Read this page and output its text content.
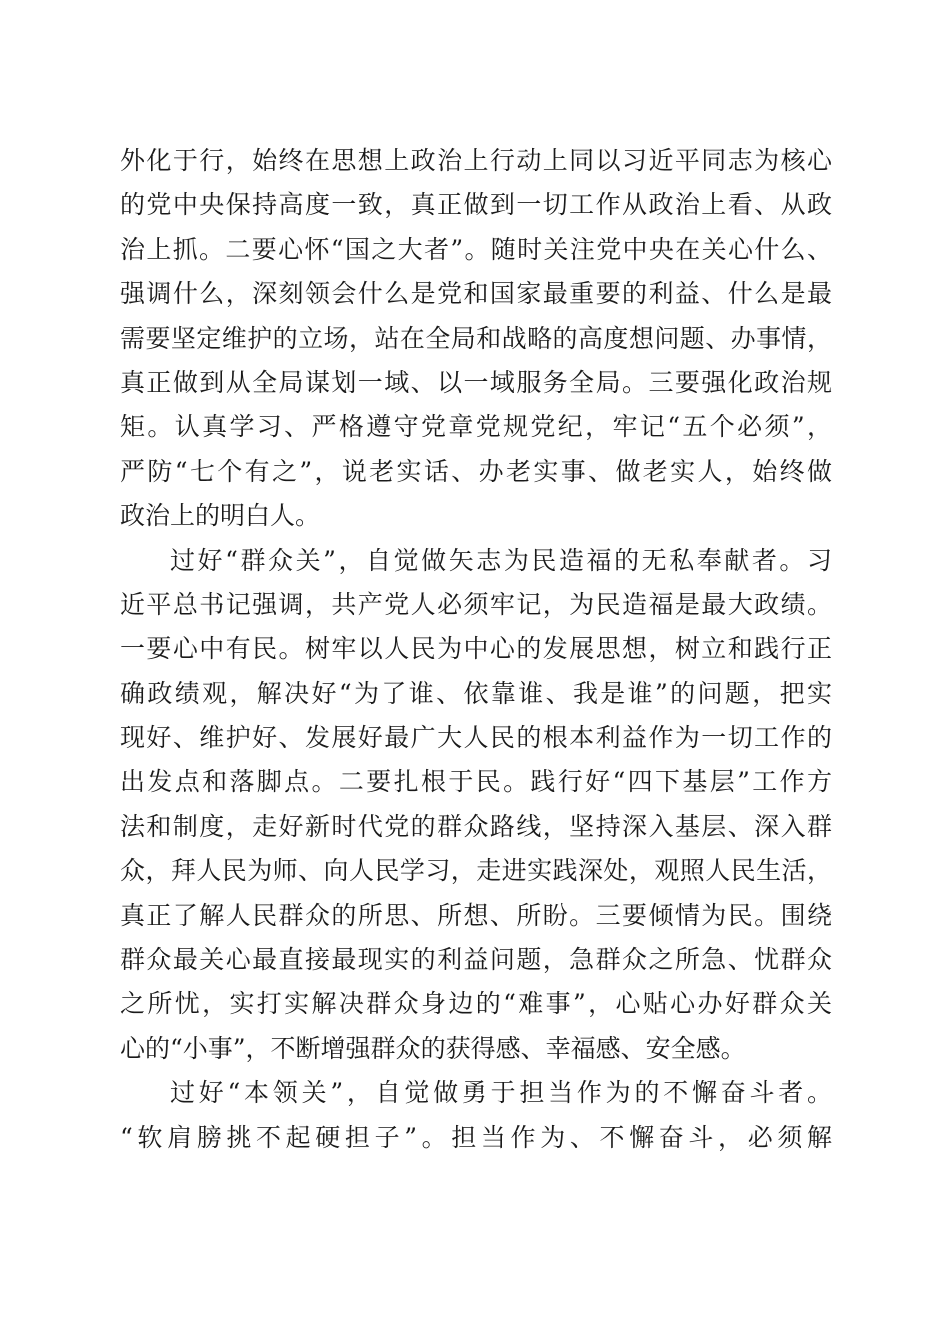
外化于行，始终在思想上政治上行动上同以习近平同志为核心
的党中央保持高度一致，真正做到一切工作从政治上看、从政
治上抓。二要心怀“国之大者”。随时关注党中央在关心什么、
强调什么，深刻领会什么是党和国家最重要的利益、什么是最
需要坚定维护的立场，站在全局和战略的高度想问题、办事情，
真正做到从全局谋划一域、以一域服务全局。三要强化政治规
矩。认真学习、严格遵守党章党规党纪，牢记“五个必须”，
严防“七个有之”，说老实话、办老实事、做老实人，始终做
政治上的明白人。
过好“群众关”，自觉做矢志为民造福的无私奉献者。习
近平总书记强调，共产党人必须牢记，为民造福是最大政绩。
一要心中有民。树牢以人民为中心的发展思想，树立和践行正
确政绩观，解决好“为了谁、依靠谁、我是谁”的问题，把实
现好、维护好、发展好最广大人民的根本利益作为一切工作的
出发点和落脚点。二要扎根于民。践行好“四下基层”工作方
法和制度，走好新时代党的群众路线，坚持深入基层、深入群
众，拜人民为师、向人民学习，走进实践深处，观照人民生活，
真正了解人民群众的所思、所想、所盼。三要倾情为民。围绕
群众最关心最直接最现实的利益问题，急群众之所急、忧群众
之所忧，实打实解决群众身边的“难事”，心贴心办好群众关
心的“小事”，不断增强群众的获得感、幸福感、安全感。
过好“本领关”，自觉做勇于担当作为的不懈奋斗者。
“软肩膀挑不起硬担子”。担当作为、不懈奋斗，必须解
